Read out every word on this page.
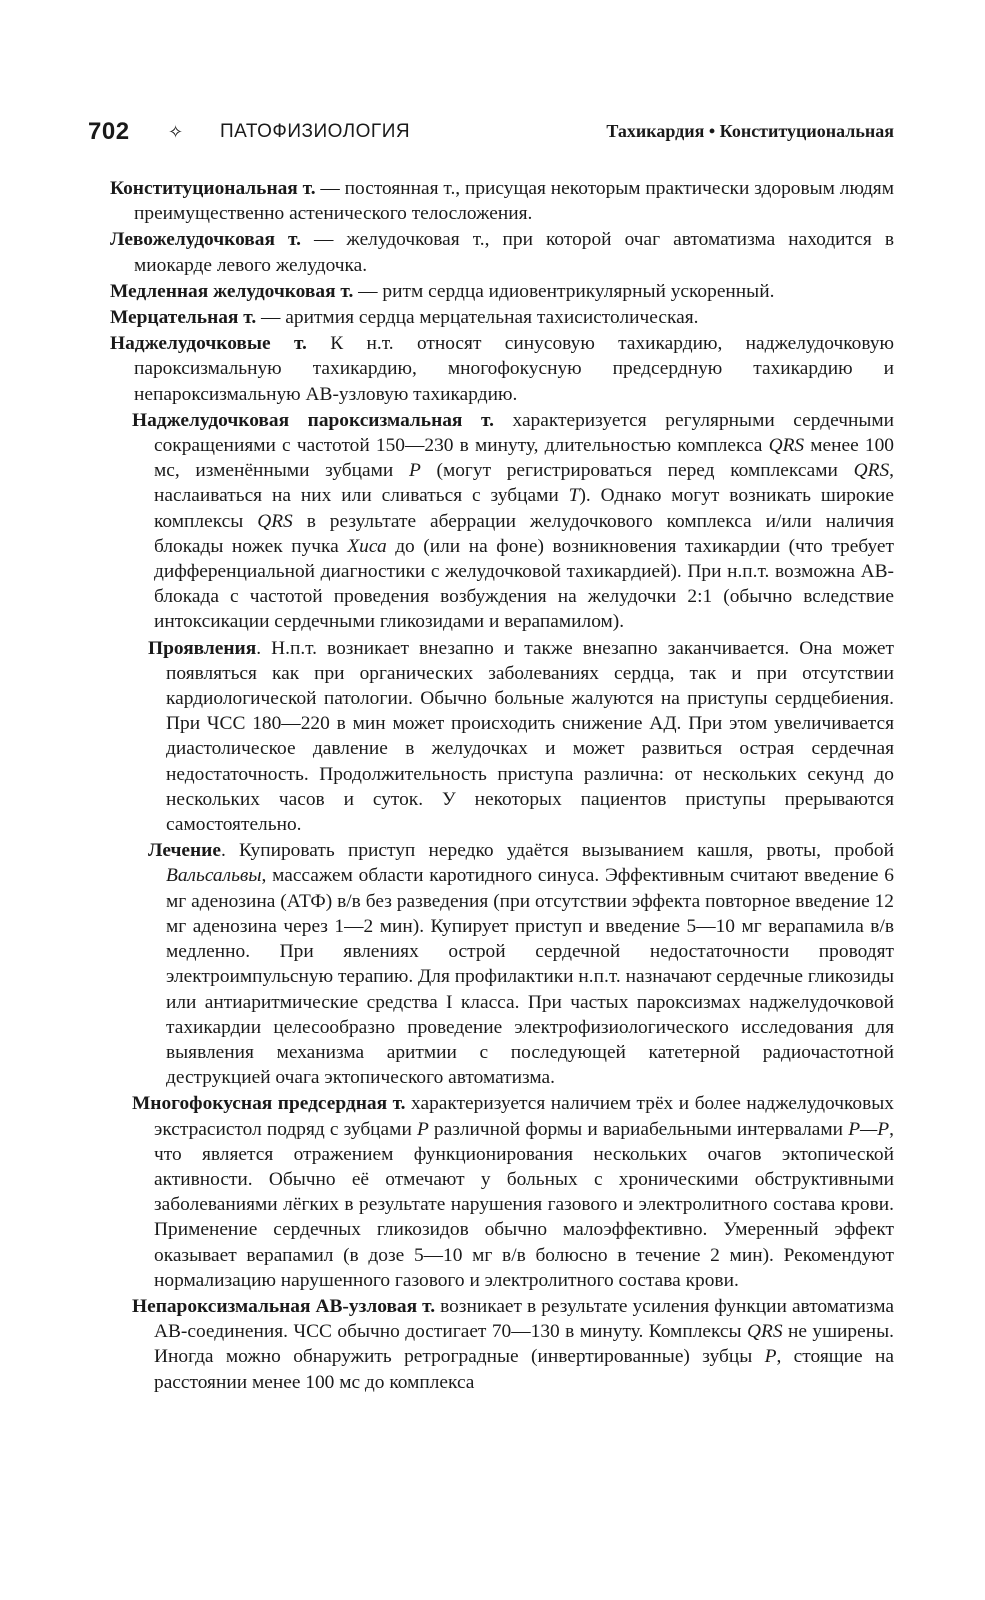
702 ✧ ПАТОФИЗИОЛОГИЯ	Тахикардия • Конституциональная

Конституциональная т. — постоянная т., присущая некоторым практически здоровым людям преимущественно астенического телосложения.

Левожелудочковая т. — желудочковая т., при которой очаг автоматизма находится в миокарде левого желудочка.

Медленная желудочковая т. — ритм сердца идиовентрикулярный ускоренный.

Мерцательная т. — аритмия сердца мерцательная тахисистолическая.

Наджелудочковые т. К н.т. относят синусовую тахикардию, наджелудочковую пароксизмальную тахикардию, многофокусную предсердную тахикардию и непароксизмальную АВ-узловую тахикардию.

Наджелудочковая пароксизмальная т. характеризуется регулярными сердечными сокращениями с частотой 150—230 в минуту, длительностью комплекса QRS менее 100 мс, изменёнными зубцами P (могут регистрироваться перед комплексами QRS, наслаиваться на них или сливаться с зубцами T). Однако могут возникать широкие комплексы QRS в результате аберрации желудочкового комплекса и/или наличия блокады ножек пучка Хиса до (или на фоне) возникновения тахикардии (что требует дифференциальной диагностики с желудочковой тахикардией). При н.п.т. возможна АВ-блокада с частотой проведения возбуждения на желудочки 2:1 (обычно вследствие интоксикации сердечными гликозидами и верапамилом).

Проявления. Н.п.т. возникает внезапно и также внезапно заканчивается. Она может появляться как при органических заболеваниях сердца, так и при отсутствии кардиологической патологии. Обычно больные жалуются на приступы сердцебиения. При ЧСС 180—220 в мин может происходить снижение АД. При этом увеличивается диастолическое давление в желудочках и может развиться острая сердечная недостаточность. Продолжительность приступа различна: от нескольких секунд до нескольких часов и суток. У некоторых пациентов приступы прерываются самостоятельно.

Лечение. Купировать приступ нередко удаётся вызыванием кашля, рвоты, пробой Вальсальвы, массажем области каротидного синуса. Эффективным считают введение 6 мг аденозина (АТФ) в/в без разведения (при отсутствии эффекта повторное введение 12 мг аденозина через 1—2 мин). Купирует приступ и введение 5—10 мг верапамила в/в медленно. При явлениях острой сердечной недостаточности проводят электроимпульсную терапию. Для профилактики н.п.т. назначают сердечные гликозиды или антиаритмические средства I класса. При частых пароксизмах наджелудочковой тахикардии целесообразно проведение электрофизиологического исследования для выявления механизма аритмии с последующей катетерной радиочастотной деструкцией очага эктопического автоматизма.

Многофокусная предсердная т. характеризуется наличием трёх и более наджелудочковых экстрасистол подряд с зубцами P различной формы и вариабельными интервалами P—P, что является отражением функционирования нескольких очагов эктопической активности. Обычно её отмечают у больных с хроническими обструктивными заболеваниями лёгких в результате нарушения газового и электролитного состава крови. Применение сердечных гликозидов обычно малоэффективно. Умеренный эффект оказывает верапамил (в дозе 5—10 мг в/в болюсно в течение 2 мин). Рекомендуют нормализацию нарушенного газового и электролитного состава крови.

Непароксизмальная АВ-узловая т. возникает в результате усиления функции автоматизма АВ-соединения. ЧСС обычно достигает 70—130 в минуту. Комплексы QRS не уширены. Иногда можно обнаружить ретроградные (инвертированные) зубцы P, стоящие на расстоянии менее 100 мс до комплекса
